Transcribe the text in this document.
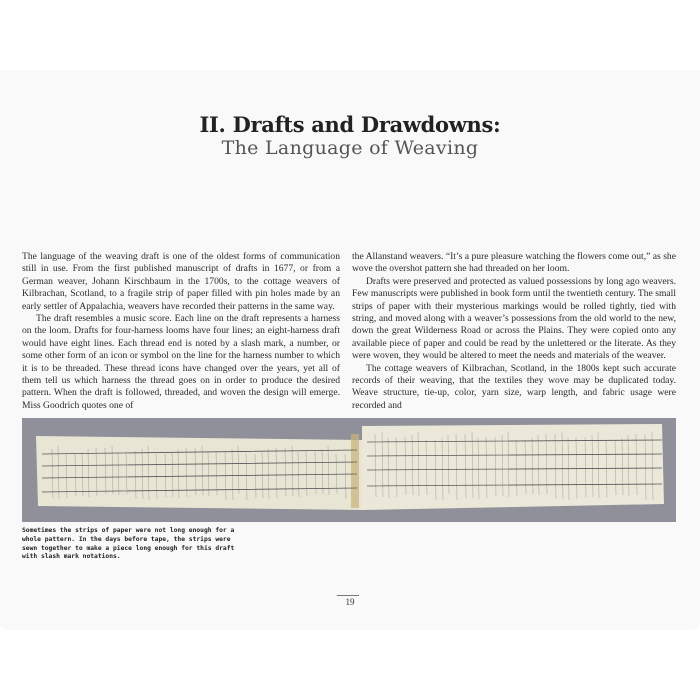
II. Drafts and Drawdowns:
The Language of Weaving

The language of the weaving draft is one of the oldest forms of communication still in use. From the first published manuscript of drafts in 1677, or from a German weaver, Johann Kirschbaum in the 1700s, to the cottage weavers of Kilbrachan, Scotland, to a fragile strip of paper filled with pin holes made by an early settler of Appalachia, weavers have recorded their patterns in the same way.

The draft resembles a music score. Each line on the draft represents a harness on the loom. Drafts for four-harness looms have four lines; an eight-harness draft would have eight lines. Each thread end is noted by a slash mark, a number, or some other form of an icon or symbol on the line for the harness number to which it is to be threaded. These thread icons have changed over the years, yet all of them tell us which harness the thread goes on in order to produce the desired pattern. When the draft is followed, threaded, and woven the design will emerge. Miss Goodrich quotes one of

the Allanstand weavers. “It’s a pure pleasure watching the flowers come out,” as she wove the overshot pattern she had threaded on her loom.

Drafts were preserved and protected as valued possessions by long ago weavers. Few manuscripts were published in book form until the twentieth century. The small strips of paper with their mysterious markings would be rolled tightly, tied with string, and moved along with a weaver’s possessions from the old world to the new, down the great Wilderness Road or across the Plains. They were copied onto any available piece of paper and could be read by the unlettered or the literate. As they were woven, they would be altered to meet the needs and materials of the weaver.

The cottage weavers of Kilbrachan, Scotland, in the 1800s kept such accurate records of their weaving, that the textiles they wove may be duplicated today. Weave structure, tie-up, color, yarn size, warp length, and fabric usage were recorded and

Sometimes the strips of paper were not long enough for a whole pattern. In the days before tape, the strips were sewn together to make a piece long enough for this draft with slash mark notations.
19
